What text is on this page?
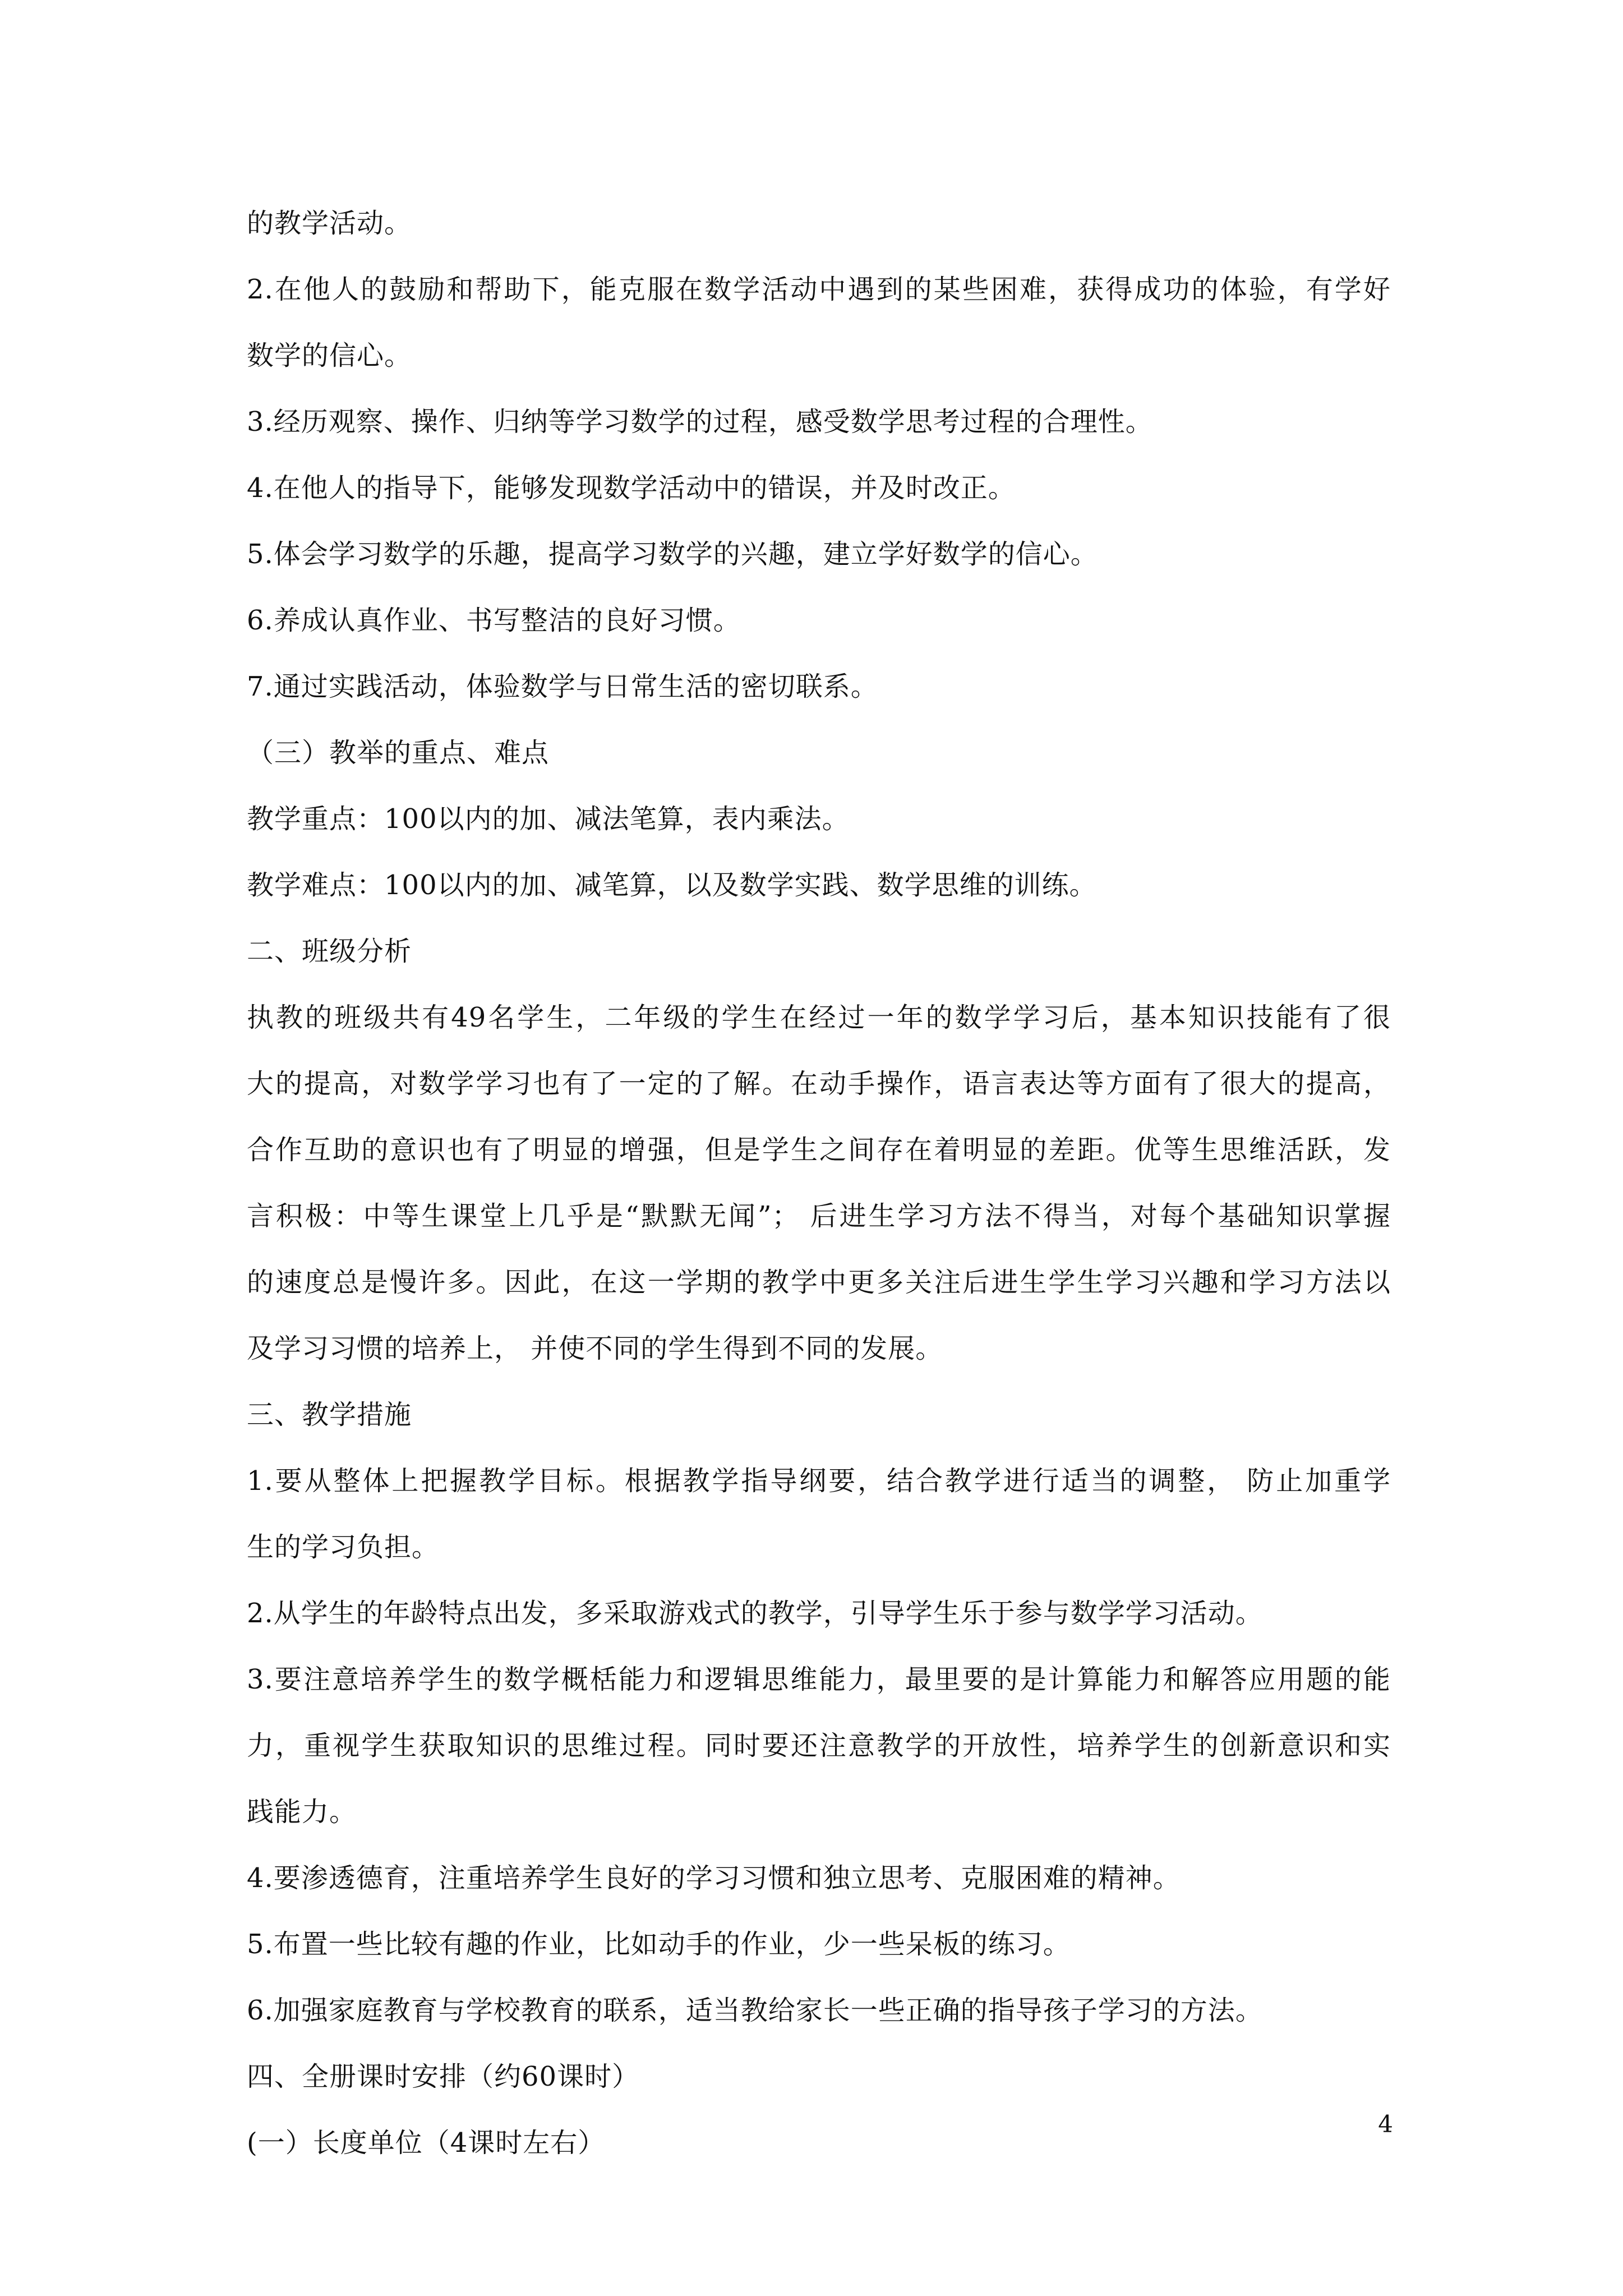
的教学活动。
2.在他人的鼓励和帮助下，能克服在数学活动中遇到的某些困难，获得成功的体验，有学好
数学的信心。
3.经历观察、操作、归纳等学习数学的过程，感受数学思考过程的合理性。
4.在他人的指导下，能够发现数学活动中的错误，并及时改正。
5.体会学习数学的乐趣，提高学习数学的兴趣，建立学好数学的信心。
6.养成认真作业、书写整洁的良好习惯。
7.通过实践活动，体验数学与日常生活的密切联系。
（三）教举的重点、难点
教学重点：100以内的加、减法笔算，表内乘法。
教学难点：100以内的加、减笔算，以及数学实践、数学思维的训练。
二、班级分析
执教的班级共有49名学生，二年级的学生在经过一年的数学学习后，基本知识技能有了很
大的提高，对数学学习也有了一定的了解。在动手操作，语言表达等方面有了很大的提高，
合作互助的意识也有了明显的增强，但是学生之间存在着明显的差距。优等生思维活跃，发
言积极：中等生课堂上几乎是“默默无闻”； 后进生学习方法不得当，对每个基础知识掌握
的速度总是慢许多。因此，在这一学期的教学中更多关注后进生学生学习兴趣和学习方法以
及学习习惯的培养上， 并使不同的学生得到不同的发展。
三、教学措施
1.要从整体上把握教学目标。根据教学指导纲要，结合教学进行适当的调整， 防止加重学
生的学习负担。
2.从学生的年龄特点出发，多采取游戏式的教学，引导学生乐于参与数学学习活动。
3.要注意培养学生的数学概栝能力和逻辑思维能力，最里要的是计算能力和解答应用题的能
力，重视学生获取知识的思维过程。同时要还注意教学的开放性，培养学生的创新意识和实
践能力。
4.要渗透德育，注重培养学生良好的学习习惯和独立思考、克服困难的精神。
5.布置一些比较有趣的作业，比如动手的作业，少一些呆板的练习。
6.加强家庭教育与学校教育的联系，适当教给家长一些正确的指导孩子学习的方法。
四、全册课时安排（约60课时）
(一）长度单位（4课时左右）
4
